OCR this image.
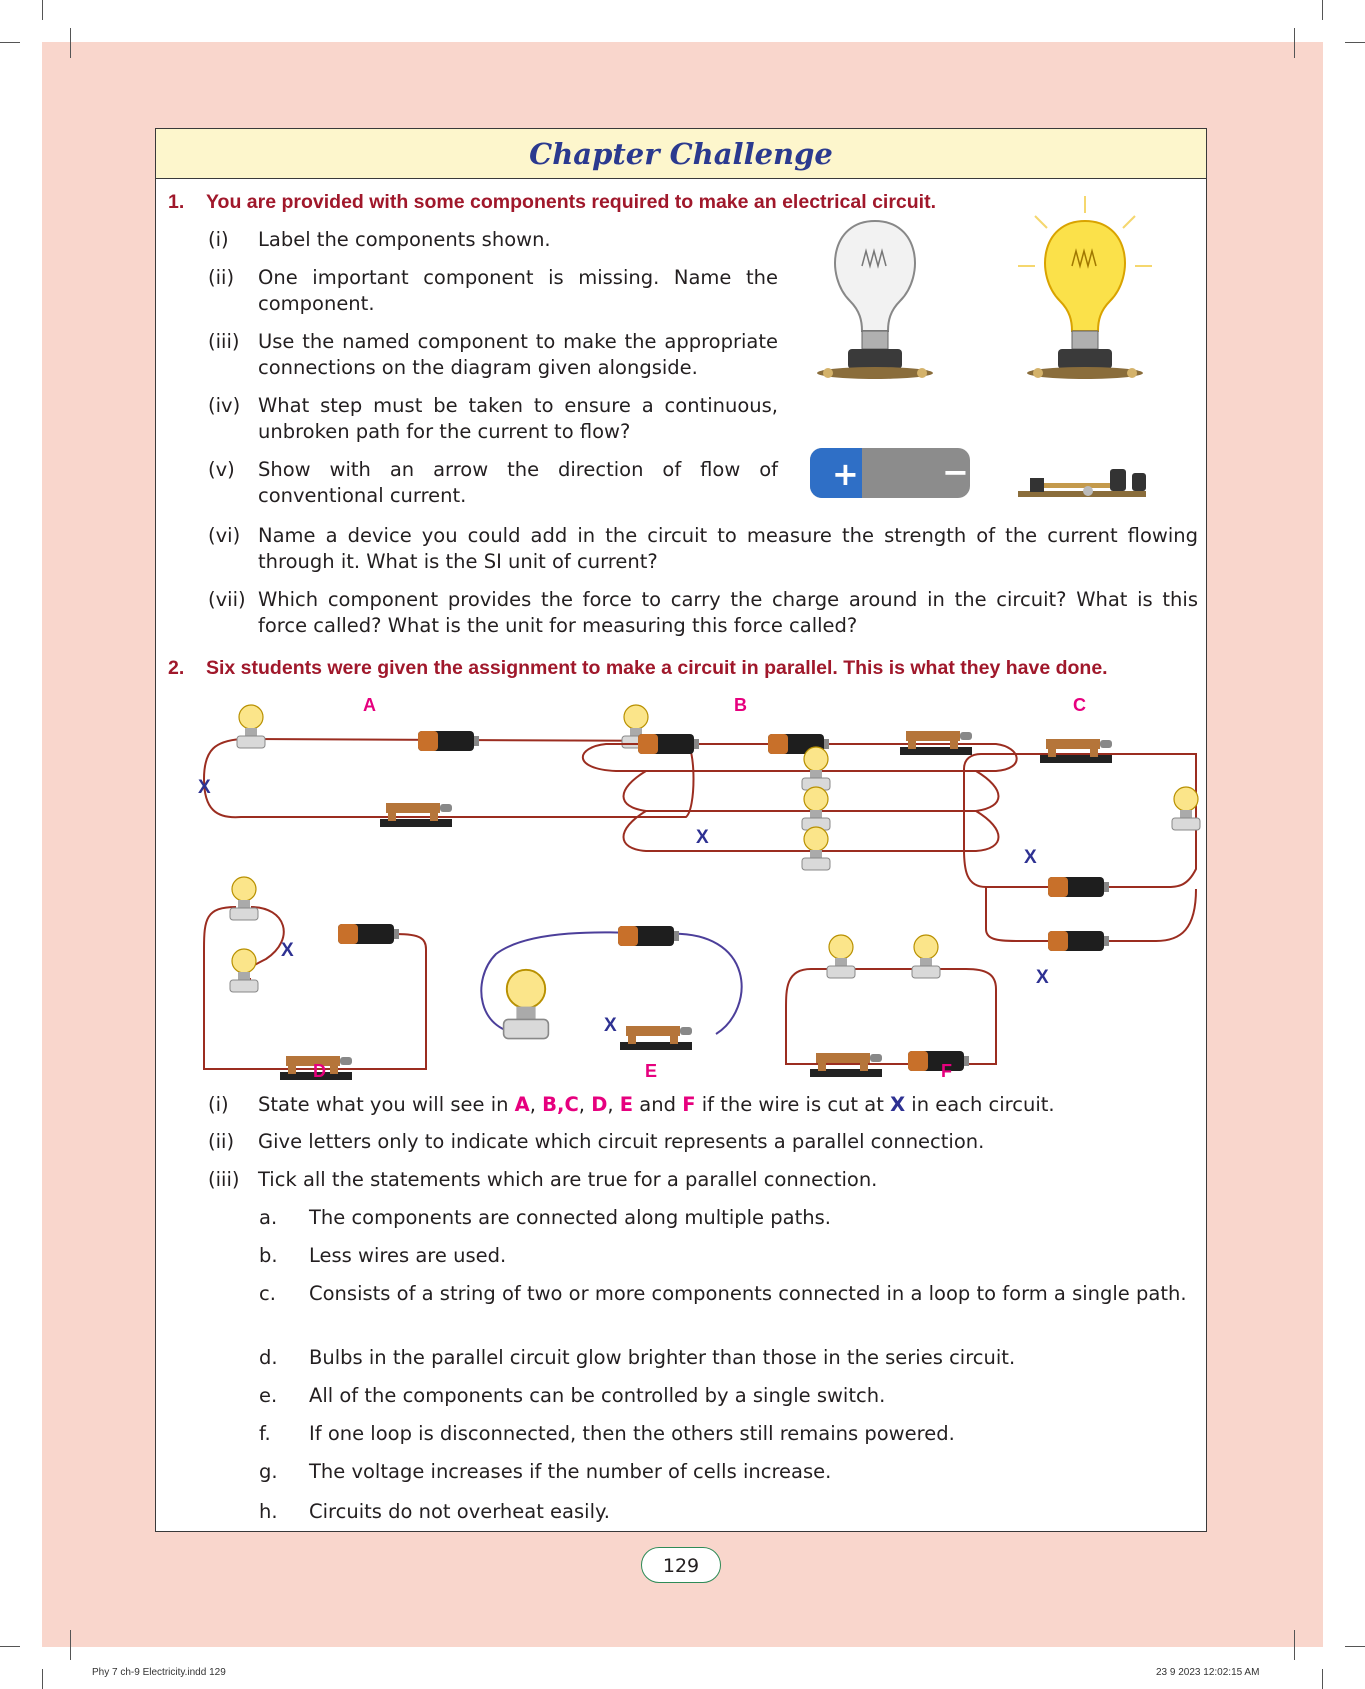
Chapter Challenge
1. You are provided with some components required to make an electrical circuit.
(i) Label the components shown.
(ii) One important component is missing. Name the component.
(iii) Use the named component to make the appropriate connections on the diagram given alongside.
(iv) What step must be taken to ensure a continuous, unbroken path for the current to flow?
(v) Show with an arrow the direction of flow of conventional current.
(vi) Name a device you could add in the circuit to measure the strength of the current flowing through it. What is the SI unit of current?
(vii) Which component provides the force to carry the charge around in the circuit? What is this force called? What is the unit for measuring this force called?
+	−
2. Six students were given the assignment to make a circuit in parallel. This is what they have done.
A	B	C
D	E	F
X
X
X
X
X
X
(i) State what you will see in A, B,C, D, E and F if the wire is cut at X in each circuit.
(ii) Give letters only to indicate which circuit represents a parallel connection.
(iii) Tick all the statements which are true for a parallel connection.
a. The components are connected along multiple paths.
b. Less wires are used.
c. Consists of a string of two or more components connected in a loop to form a single path.
d. Bulbs in the parallel circuit glow brighter than those in the series circuit.
e. All of the components can be controlled by a single switch.
f. If one loop is disconnected, then the others still remains powered.
g. The voltage increases if the number of cells increase.
h. Circuits do not overheat easily.
129
Phy 7 ch-9 Electricity.indd 129	23 9 2023 12:02:15 AM
